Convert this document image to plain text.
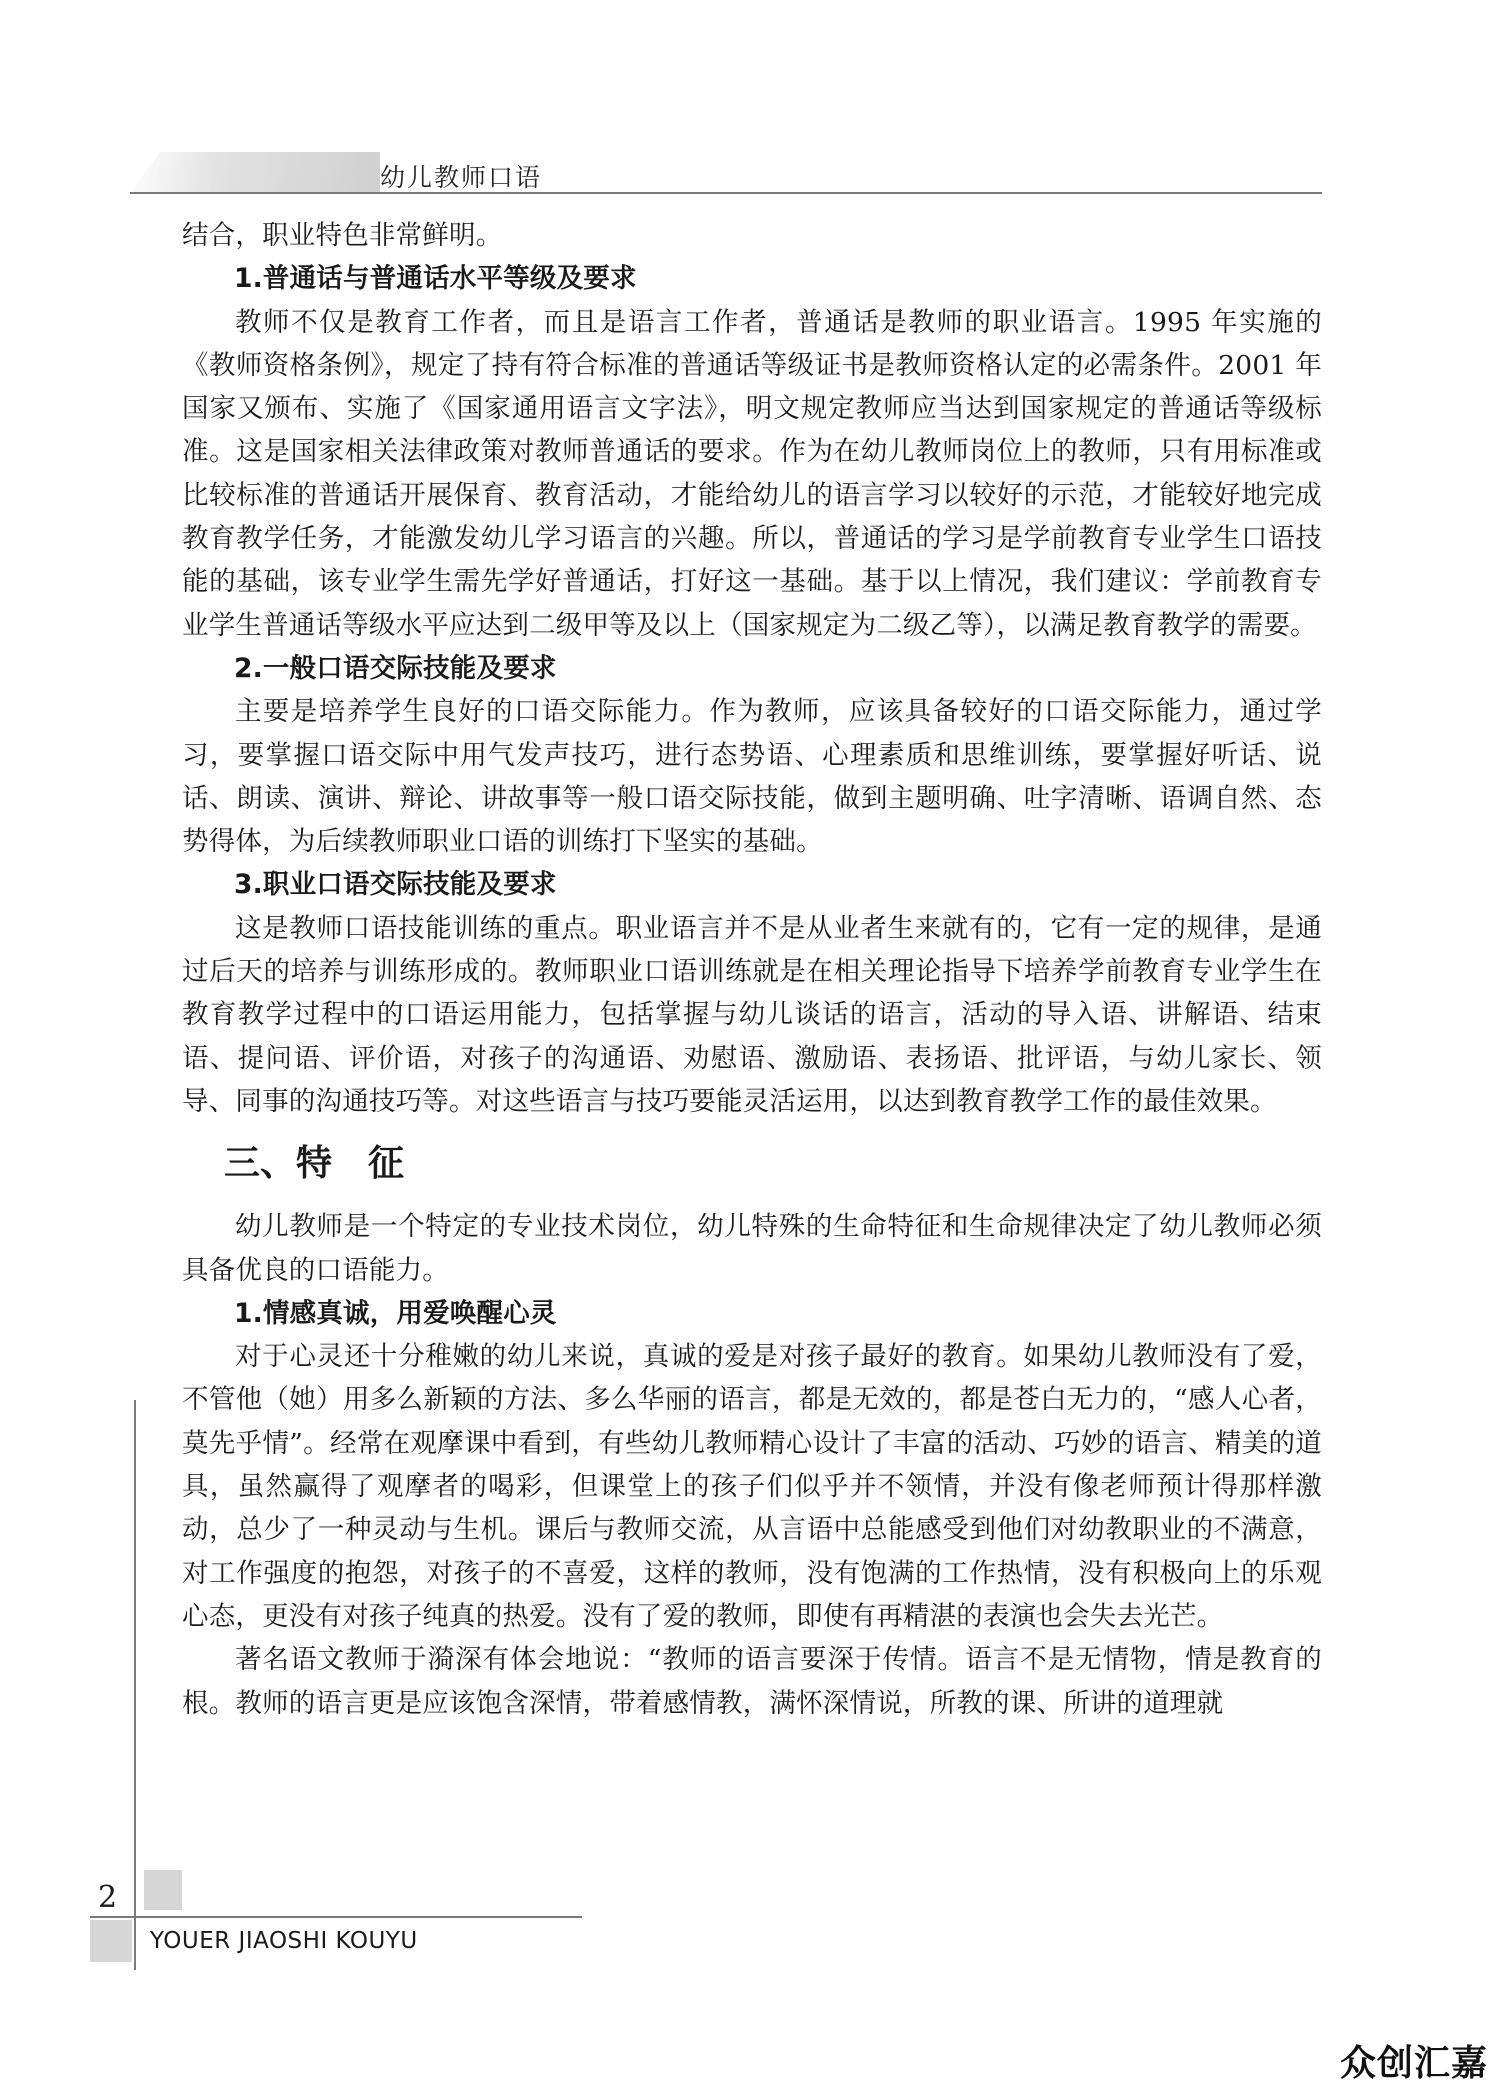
幼儿教师口语

结合，职业特色非常鲜明。

1.普通话与普通话水平等级及要求

教师不仅是教育工作者，而且是语言工作者，普通话是教师的职业语言。1995 年实施的《教师资格条例》，规定了持有符合标准的普通话等级证书是教师资格认定的必需条件。2001 年国家又颁布、实施了《国家通用语言文字法》，明文规定教师应当达到国家规定的普通话等级标准。这是国家相关法律政策对教师普通话的要求。作为在幼儿教师岗位上的教师，只有用标准或比较标准的普通话开展保育、教育活动，才能给幼儿的语言学习以较好的示范，才能较好地完成教育教学任务，才能激发幼儿学习语言的兴趣。所以，普通话的学习是学前教育专业学生口语技能的基础，该专业学生需先学好普通话，打好这一基础。基于以上情况，我们建议：学前教育专业学生普通话等级水平应达到二级甲等及以上（国家规定为二级乙等），以满足教育教学的需要。

2.一般口语交际技能及要求

主要是培养学生良好的口语交际能力。作为教师，应该具备较好的口语交际能力，通过学习，要掌握口语交际中用气发声技巧，进行态势语、心理素质和思维训练，要掌握好听话、说话、朗读、演讲、辩论、讲故事等一般口语交际技能，做到主题明确、吐字清晰、语调自然、态势得体，为后续教师职业口语的训练打下坚实的基础。

3.职业口语交际技能及要求

这是教师口语技能训练的重点。职业语言并不是从业者生来就有的，它有一定的规律，是通过后天的培养与训练形成的。教师职业口语训练就是在相关理论指导下培养学前教育专业学生在教育教学过程中的口语运用能力，包括掌握与幼儿谈话的语言，活动的导入语、讲解语、结束语、提问语、评价语，对孩子的沟通语、劝慰语、激励语、表扬语、批评语，与幼儿家长、领导、同事的沟通技巧等。对这些语言与技巧要能灵活运用，以达到教育教学工作的最佳效果。

三、特　征

幼儿教师是一个特定的专业技术岗位，幼儿特殊的生命特征和生命规律决定了幼儿教师必须具备优良的口语能力。

1.情感真诚，用爱唤醒心灵

对于心灵还十分稚嫩的幼儿来说，真诚的爱是对孩子最好的教育。如果幼儿教师没有了爱，不管他（她）用多么新颖的方法、多么华丽的语言，都是无效的，都是苍白无力的，“感人心者，莫先乎情”。经常在观摩课中看到，有些幼儿教师精心设计了丰富的活动、巧妙的语言、精美的道具，虽然赢得了观摩者的喝彩，但课堂上的孩子们似乎并不领情，并没有像老师预计得那样激动，总少了一种灵动与生机。课后与教师交流，从言语中总能感受到他们对幼教职业的不满意，对工作强度的抱怨，对孩子的不喜爱，这样的教师，没有饱满的工作热情，没有积极向上的乐观心态，更没有对孩子纯真的热爱。没有了爱的教师，即使有再精湛的表演也会失去光芒。

著名语文教师于漪深有体会地说：“教师的语言要深于传情。语言不是无情物，情是教育的根。教师的语言更是应该饱含深情，带着感情教，满怀深情说，所教的课、所讲的道理就

2
YOUER JIAOSHI KOUYU
众创汇嘉
